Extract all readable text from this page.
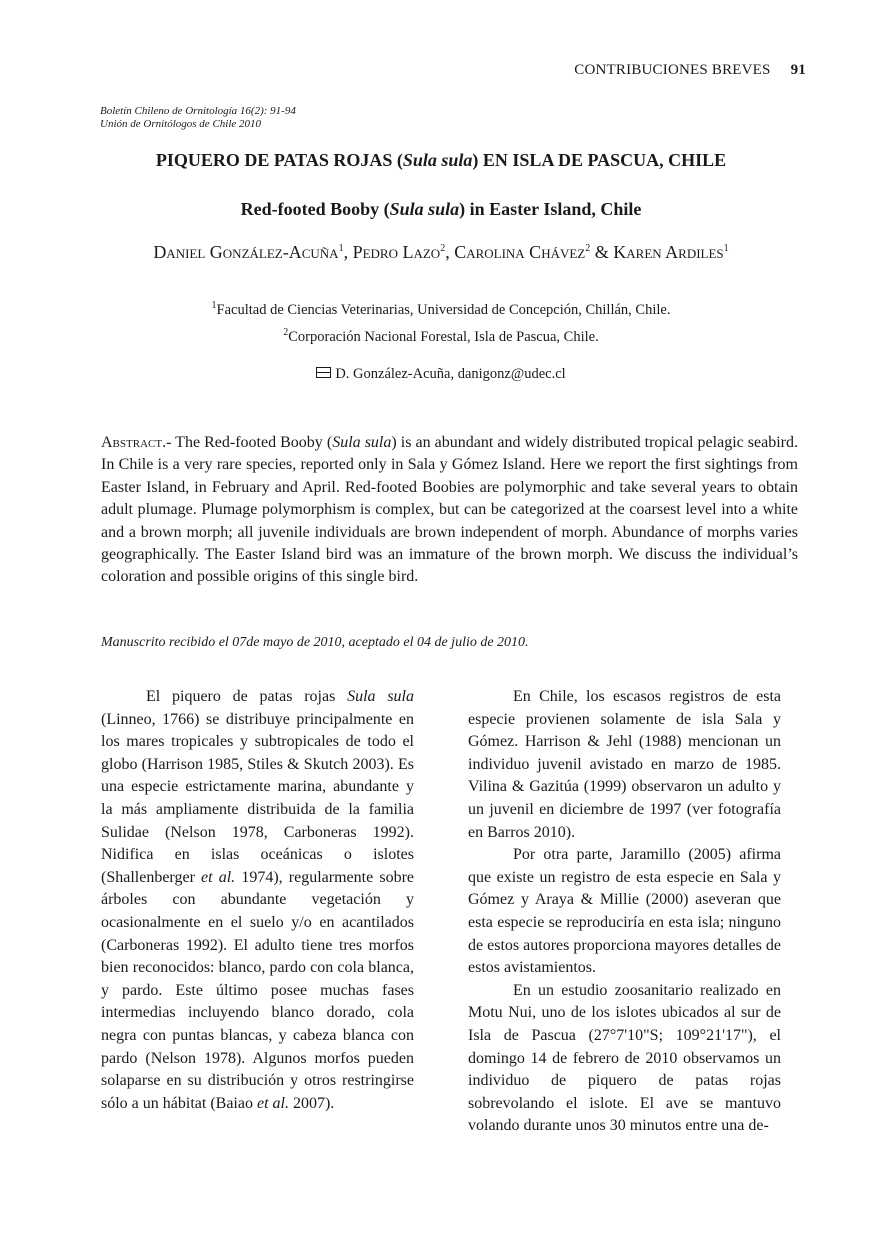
CONTRIBUCIONES BREVES 91
Boletín Chileno de Ornitología 16(2): 91-94
Unión de Ornitólogos de Chile 2010
PIQUERO DE PATAS ROJAS (Sula sula) EN ISLA DE PASCUA, CHILE
Red-footed Booby (Sula sula) in Easter Island, Chile
Daniel González-Acuña$^1$, Pedro Lazo$^2$, Carolina Chávez$^2$ & Karen Ardiles$^1$
$^1$Facultad de Ciencias Veterinarias, Universidad de Concepción, Chillán, Chile.
$^2$Corporación Nacional Forestal, Isla de Pascua, Chile.
D. González-Acuña, danigonz@udec.cl
Abstract.- The Red-footed Booby (Sula sula) is an abundant and widely distributed tropical pelagic seabird. In Chile is a very rare species, reported only in Sala y Gómez Island. Here we report the first sightings from Easter Island, in February and April. Red-footed Boobies are polymorphic and take several years to obtain adult plumage. Plumage polymorphism is complex, but can be categorized at the coarsest level into a white and a brown morph; all juvenile individuals are brown independent of morph. Abundance of morphs varies geographically. The Easter Island bird was an immature of the brown morph. We discuss the individual’s coloration and possible origins of this single bird.
Manuscrito recibido el 07de mayo de 2010, aceptado el 04 de julio de 2010.

El piquero de patas rojas Sula sula (Linneo, 1766) se distribuye principalmente en los mares tropicales y subtropicales de todo el globo (Harrison 1985, Stiles & Skutch 2003). Es una especie estrictamente marina, abundante y la más ampliamente distribuida de la familia Sulidae (Nelson 1978, Carboneras 1992). Nidifica en islas oceánicas o islotes (Shallenberger et al. 1974), regularmente sobre árboles con abundante vegetación y ocasionalmente en el suelo y/o en acantilados (Carboneras 1992). El adulto tiene tres morfos bien reconocidos: blanco, pardo con cola blanca, y pardo. Este último posee muchas fases intermedias incluyendo blanco dorado, cola negra con puntas blancas, y cabeza blanca con pardo (Nelson 1978). Algunos morfos pueden solaparse en su distribución y otros restringirse sólo a un hábitat (Baiao et al. 2007).

En Chile, los escasos registros de esta especie provienen solamente de isla Sala y Gómez. Harrison & Jehl (1988) mencionan un individuo juvenil avistado en marzo de 1985. Vilina & Gazitúa (1999) observaron un adulto y un juvenil en diciembre de 1997 (ver fotografía en Barros 2010).

Por otra parte, Jaramillo (2005) afirma que existe un registro de esta especie en Sala y Gómez y Araya & Millie (2000) aseveran que esta especie se reproduciría en esta isla; ninguno de estos autores proporciona mayores detalles de estos avistamientos.

En un estudio zoosanitario realizado en Motu Nui, uno de los islotes ubicados al sur de Isla de Pascua (27°7'10"S; 109°21'17"), el domingo 14 de febrero de 2010 observamos un individuo de piquero de patas rojas sobrevolando el islote. El ave se mantuvo volando durante unos 30 minutos entre una de-
